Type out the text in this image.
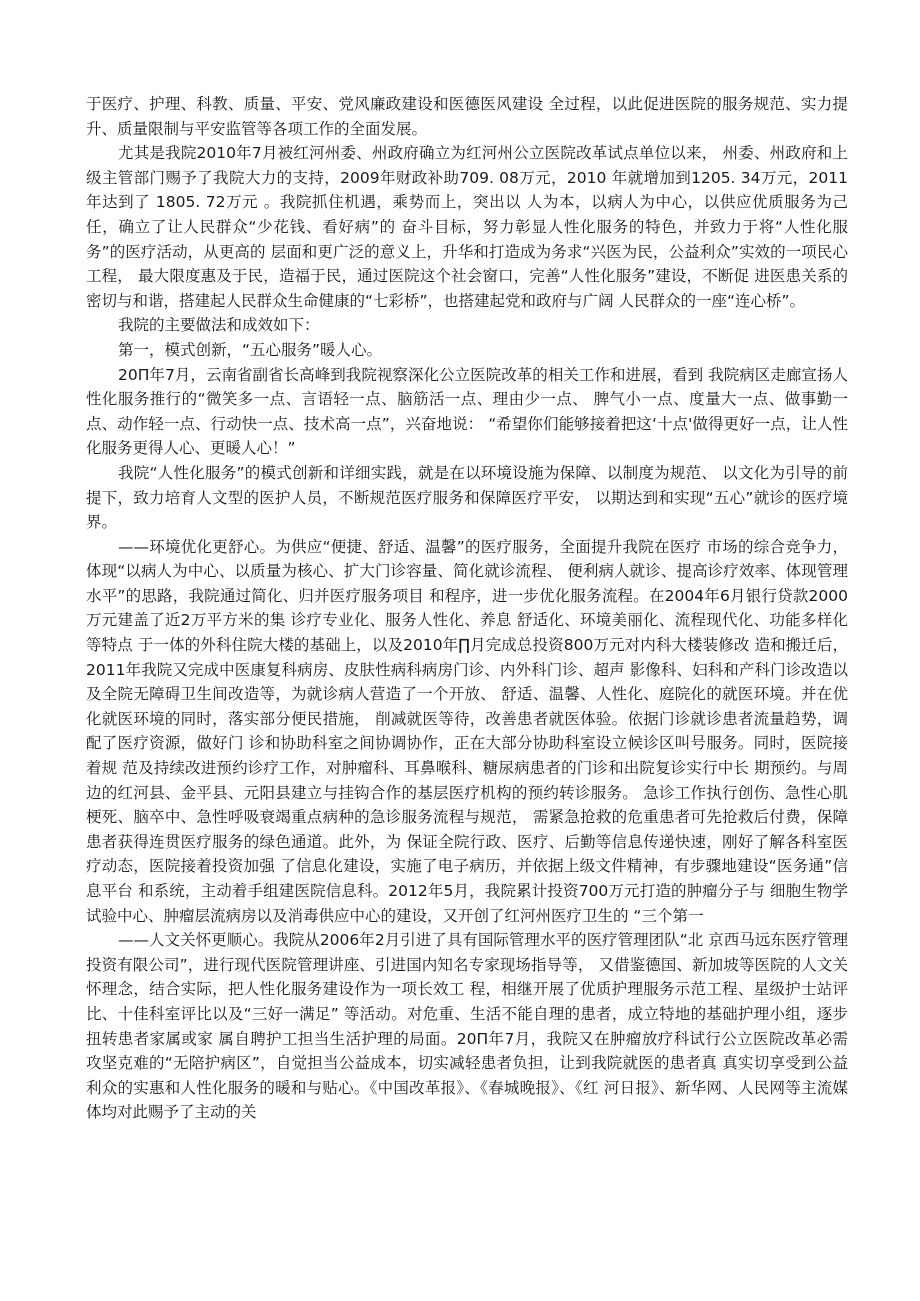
于医疗、护理、科教、质量、平安、党风廉政建设和医德医风建设 全过程，以此促进医院的服务规范、实力提升、质量限制与平安监管等各项工作的全面发展。

尤其是我院2010年7月被红河州委、州政府确立为红河州公立医院改革试点单位以来， 州委、州政府和上级主管部门赐予了我院大力的支持，2009年财政补助709. 08万元，2010 年就增加到1205. 34万元，2011年达到了 1805. 72万元 。我院抓住机遇，乘势而上，突出以 人为本，以病人为中心，以供应优质服务为己任，确立了让人民群众“少花钱、看好病”的 奋斗目标，努力彰显人性化服务的特色，并致力于将“人性化服务”的医疗活动，从更高的 层面和更广泛的意义上，升华和打造成为务求“兴医为民，公益利众”实效的一项民心工程， 最大限度惠及于民，造福于民，通过医院这个社会窗口，完善“人性化服务”建设，不断促 进医患关系的密切与和谐，搭建起人民群众生命健康的“七彩桥”，也搭建起党和政府与广阔 人民群众的一座“连心桥”。

我院的主要做法和成效如下：

第一，模式创新，“五心服务”暖人心。

20Π年7月，云南省副省长高峰到我院视察深化公立医院改革的相关工作和进展，看到 我院病区走廊宣扬人性化服务推行的“微笑多一点、言语轻一点、脑筋活一点、理由少一点、 脾气小一点、度量大一点、做事勤一点、动作轻一点、行动快一点、技术高一点”，兴奋地说： “希望你们能够接着把这‘十点'做得更好一点，让人性化服务更得人心、更暖人心！”

我院“人性化服务”的模式创新和详细实践，就是在以环境设施为保障、以制度为规范、 以文化为引导的前提下，致力培育人文型的医护人员，不断规范医疗服务和保障医疗平安， 以期达到和实现“五心”就诊的医疗境界。

——环境优化更舒心。为供应“便捷、舒适、温馨”的医疗服务，全面提升我院在医疗 市场的综合竞争力，体现“以病人为中心、以质量为核心、扩大门诊容量、简化就诊流程、 便利病人就诊、提高诊疗效率、体现管理水平”的思路，我院通过简化、归并医疗服务项目 和程序，进一步优化服务流程。在2004年6月银行贷款2000万元建盖了近2万平方米的集 诊疗专业化、服务人性化、养息 舒适化、环境美丽化、流程现代化、功能多样化等特点 于一体的外科住院大楼的基础上，以及2010年∏月完成总投资800万元对内科大楼装修改 造和搬迁后，2011年我院又完成中医康复科病房、皮肤性病科病房门诊、内外科门诊、超声 影像科、妇科和产科门诊改造以及全院无障碍卫生间改造等，为就诊病人营造了一个开放、 舒适、温馨、人性化、庭院化的就医环境。并在优化就医环境的同时，落实部分便民措施， 削减就医等待，改善患者就医体验。依据门诊就诊患者流量趋势，调配了医疗资源，做好门 诊和协助科室之间协调协作，正在大部分协助科室设立候诊区叫号服务。同时，医院接着规 范及持续改进预约诊疗工作，对肿瘤科、耳鼻喉科、糖尿病患者的门诊和出院复诊实行中长 期预约。与周边的红河县、金平县、元阳县建立与挂钩合作的基层医疗机构的预约转诊服务。 急诊工作执行创伤、急性心肌梗死、脑卒中、急性呼吸衰竭重点病种的急诊服务流程与规范， 需紧急抢救的危重患者可先抢救后付费，保障患者获得连贯医疗服务的绿色通道。此外，为 保证全院行政、医疗、后勤等信息传递快速，刚好了解各科室医疗动态，医院接着投资加强 了信息化建设，实施了电子病历，并依据上级文件精神，有步骤地建设“医务通”信息平台 和系统，主动着手组建医院信息科。2012年5月，我院累计投资700万元打造的肿瘤分子与 细胞生物学试验中心、肿瘤层流病房以及消毒供应中心的建设，又开创了红河州医疗卫生的 “三个第一

——人文关怀更顺心。我院从2006年2月引进了具有国际管理水平的医疗管理团队“北 京西马远东医疗管理投资有限公司”，进行现代医院管理讲座、引进国内知名专家现场指导等， 又借鉴德国、新加坡等医院的人文关怀理念，结合实际，把人性化服务建设作为一项长效工 程，相继开展了优质护理服务示范工程、星级护士站评比、十佳科室评比以及“三好一满足” 等活动。对危重、生活不能自理的患者，成立特地的基础护理小组，逐步扭转患者家属或家 属自聘护工担当生活护理的局面。20Π年7月，我院又在肿瘤放疗科试行公立医院改革必需 攻坚克难的“无陪护病区”，自觉担当公益成本，切实减轻患者负担，让到我院就医的患者真 真实切享受到公益利众的实惠和人性化服务的暖和与贴心。《中国改革报》、《春城晚报》、《红 河日报》、新华网、人民网等主流媒体均对此赐予了主动的关
